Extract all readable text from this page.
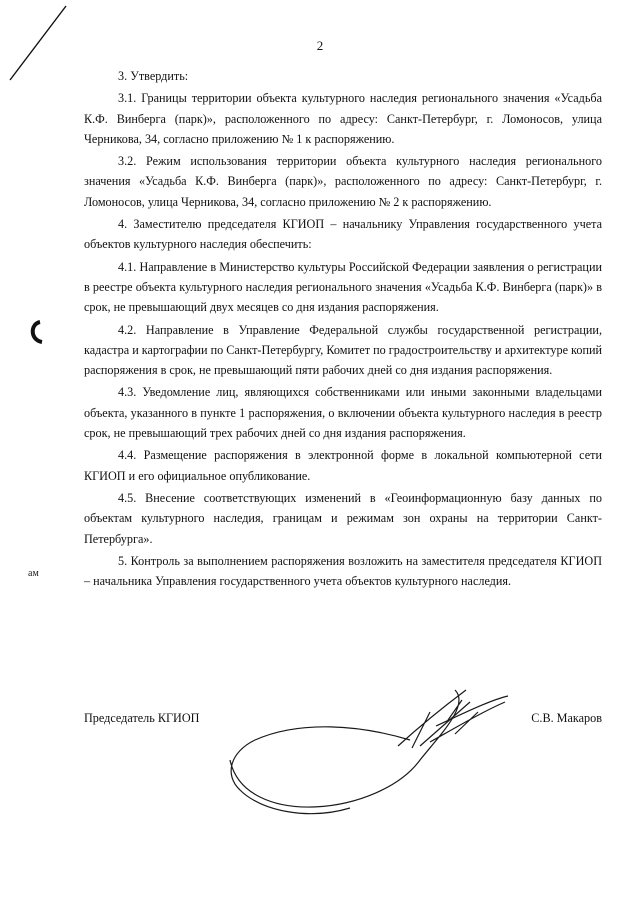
ам
2

3. Утвердить:

3.1. Границы территории объекта культурного наследия регионального значения «Усадьба К.Ф. Винберга (парк)», расположенного по адресу: Санкт-Петербург, г. Ломоносов, улица Черникова, 34, согласно приложению № 1 к распоряжению.

3.2. Режим использования территории объекта культурного наследия регионального значения «Усадьба К.Ф. Винберга (парк)», расположенного по адресу: Санкт-Петербург, г. Ломоносов, улица Черникова, 34, согласно приложению № 2 к распоряжению.

4. Заместителю председателя КГИОП – начальнику Управления государственного учета объектов культурного наследия обеспечить:

4.1. Направление в Министерство культуры Российской Федерации заявления о регистрации в реестре объекта культурного наследия регионального значения «Усадьба К.Ф. Винберга (парк)» в срок, не превышающий двух месяцев со дня издания распоряжения.

4.2. Направление в Управление Федеральной службы государственной регистрации, кадастра и картографии по Санкт-Петербургу, Комитет по градостроительству и архитектуре копий распоряжения в срок, не превышающий пяти рабочих дней со дня издания распоряжения.

4.3. Уведомление лиц, являющихся собственниками или иными законными владельцами объекта, указанного в пункте 1 распоряжения, о включении объекта культурного наследия в реестр срок, не превышающий трех рабочих дней со дня издания распоряжения.

4.4. Размещение распоряжения в электронной форме в локальной компьютерной сети КГИОП и его официальное опубликование.

4.5. Внесение соответствующих изменений в «Геоинформационную базу данных по объектам культурного наследия, границам и режимам зон охраны на территории Санкт-Петербурга».

5. Контроль за выполнением распоряжения возложить на заместителя председателя КГИОП – начальника Управления государственного учета объектов культурного наследия.

Председатель КГИОП	С.В. Макаров
